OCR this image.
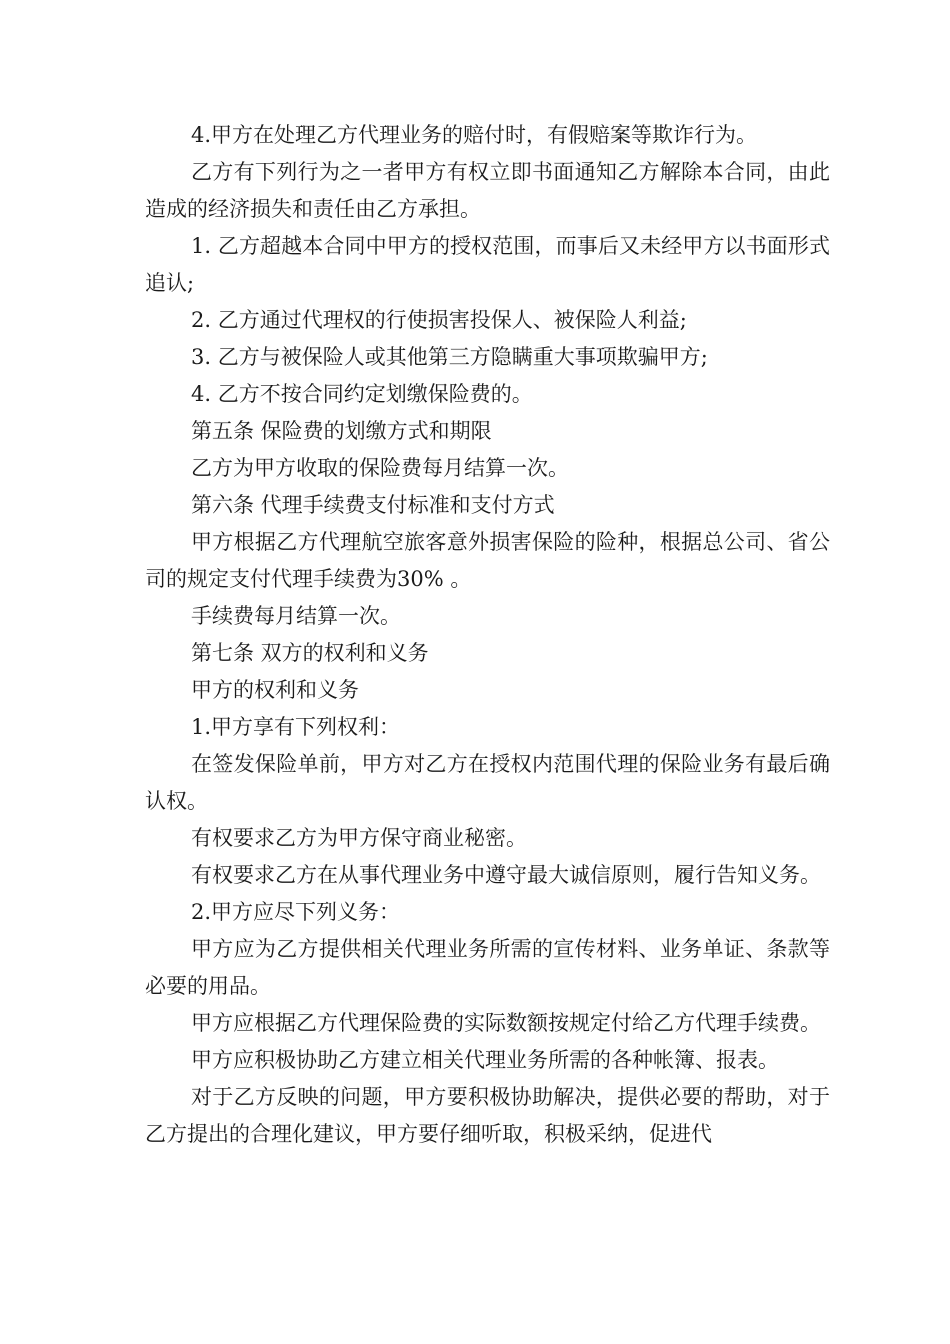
4.甲方在处理乙方代理业务的赔付时，有假赔案等欺诈行为。

乙方有下列行为之一者甲方有权立即书面通知乙方解除本合同，由此造成的经济损失和责任由乙方承担。

1. 乙方超越本合同中甲方的授权范围，而事后又未经甲方以书面形式追认;

2. 乙方通过代理权的行使损害投保人、被保险人利益;

3. 乙方与被保险人或其他第三方隐瞒重大事项欺骗甲方;

4. 乙方不按合同约定划缴保险费的。

第五条 保险费的划缴方式和期限

乙方为甲方收取的保险费每月结算一次。

第六条 代理手续费支付标准和支付方式

甲方根据乙方代理航空旅客意外损害保险的险种，根据总公司、省公司的规定支付代理手续费为30% 。

手续费每月结算一次。

第七条 双方的权利和义务

甲方的权利和义务

1.甲方享有下列权利：

在签发保险单前，甲方对乙方在授权内范围代理的保险业务有最后确认权。

有权要求乙方为甲方保守商业秘密。

有权要求乙方在从事代理业务中遵守最大诚信原则，履行告知义务。

2.甲方应尽下列义务：

甲方应为乙方提供相关代理业务所需的宣传材料、业务单证、条款等必要的用品。

甲方应根据乙方代理保险费的实际数额按规定付给乙方代理手续费。

甲方应积极协助乙方建立相关代理业务所需的各种帐簿、报表。

对于乙方反映的问题，甲方要积极协助解决，提供必要的帮助，对于乙方提出的合理化建议，甲方要仔细听取，积极采纳，促进代
